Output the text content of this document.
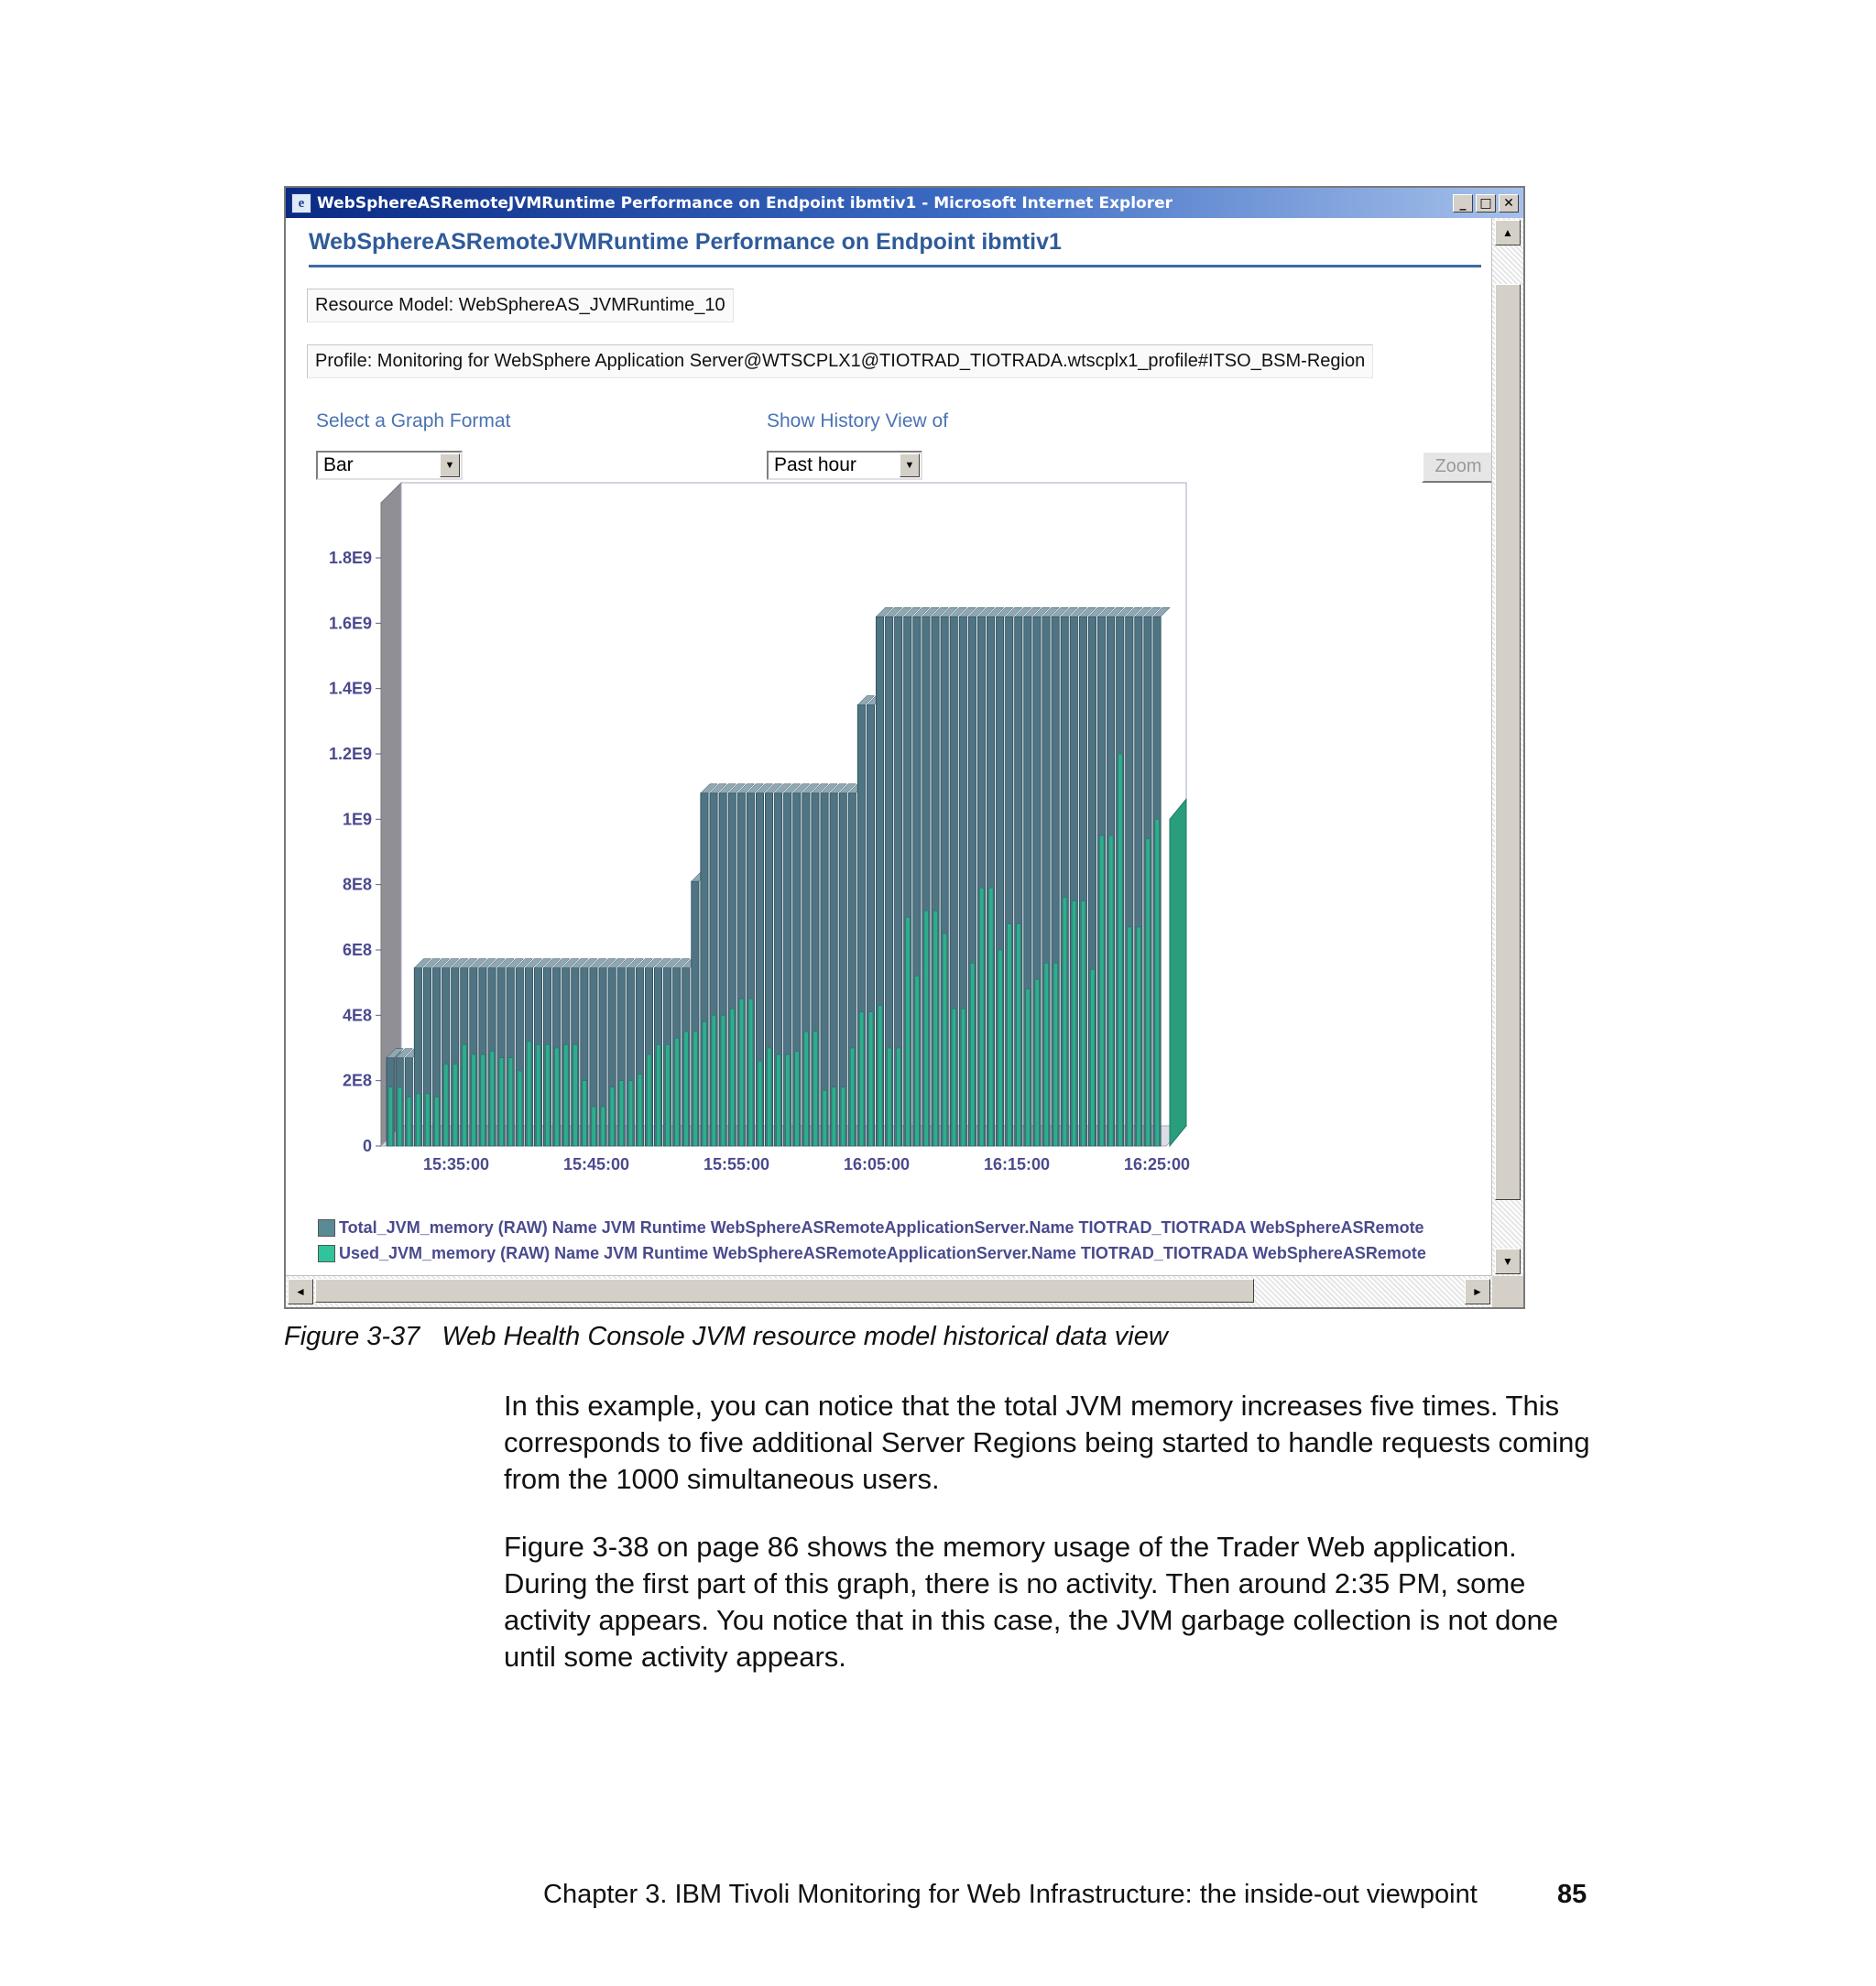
e WebSphereASRemoteJVMRuntime Performance on Endpoint ibmtiv1 - Microsoft Internet Explorer	_	□ ✕
WebSphereASRemoteJVMRuntime Performance on Endpoint ibmtiv1
Resource Model: WebSphereAS_JVMRuntime_10
Profile: Monitoring for WebSphere Application Server@WTSCPLX1@TIOTRAD_TIOTRADA.wtscplx1_profile#ITSO_BSM-Region
Select a Graph Format
Bar	▼
Show History View of
Past hour	▼	Zoom
0
2E8
4E8
6E8
8E8
1E9
1.2E9
1.4E9
1.6E9
1.8E9
15:35:00	15:45:00	15:55:00	16:05:00	16:15:00	16:25:00
Total_JVM_memory (RAW) Name JVM Runtime WebSphereASRemoteApplicationServer.Name TIOTRAD_TIOTRADA WebSphereASRemote
Used_JVM_memory (RAW) Name JVM Runtime WebSphereASRemoteApplicationServer.Name TIOTRAD_TIOTRADA WebSphereASRemote
▲
▼
◄	►
Figure 3-37 Web Health Console JVM resource model historical data view
In this example, you can notice that the total JVM memory increases five times. This corresponds to five additional Server Regions being started to handle requests coming from the 1000 simultaneous users.
Figure 3-38 on page 86 shows the memory usage of the Trader Web application. During the first part of this graph, there is no activity. Then around 2:35 PM, some activity appears. You notice that in this case, the JVM garbage collection is not done until some activity appears.
Chapter 3. IBM Tivoli Monitoring for Web Infrastructure: the inside-out viewpoint	85
